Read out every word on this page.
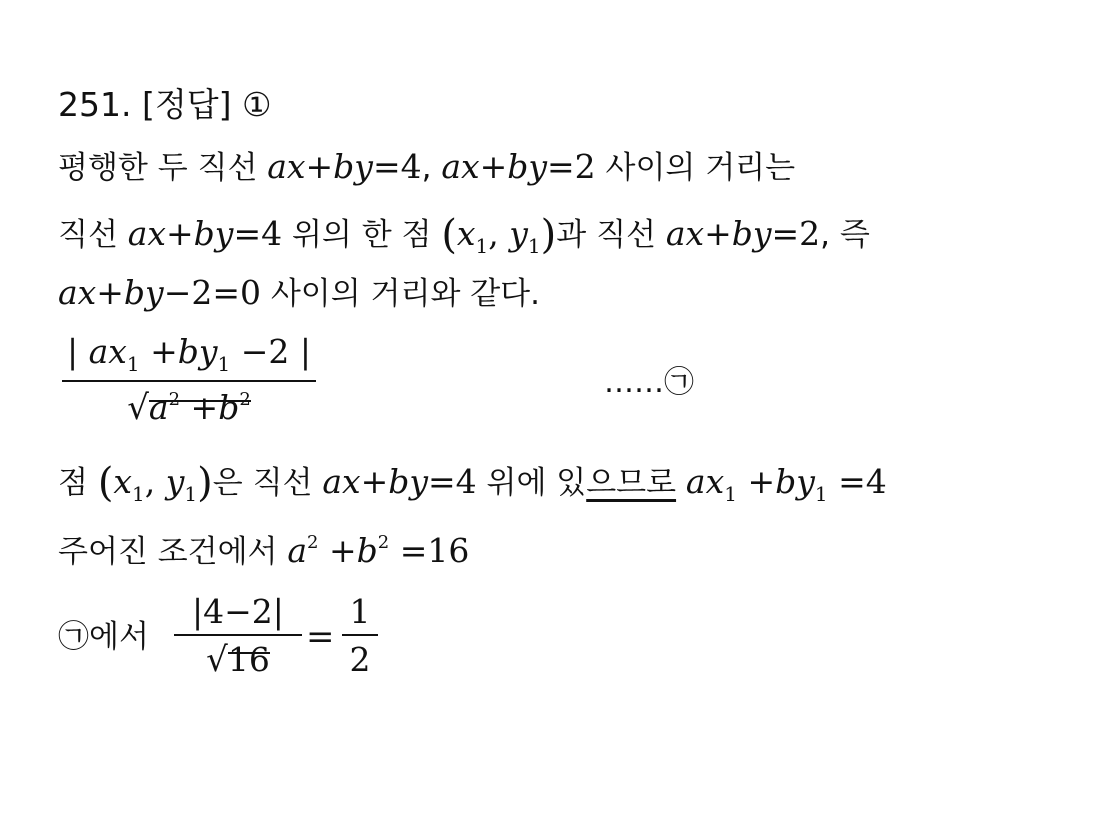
251. [정답] ①
평행한 두 직선 ax+by=4, ax+by=2 사이의 거리는
직선 ax+by=4 위의 한 점 ($x_1$, $y_1$)과 직선 ax+by=2, 즉
ax+by−2=0 사이의 거리와 같다.
| ax1 +by1 −2 |
√a2 +b2	……㉠
점 ($x_1$, $y_1$)은 직선 ax+by=4 위에 있으므로 $ax_1 +by_1 =4$
주어진 조건에서 $a^2 +b^2 =16$
㉠에서
|4−2|
√16
=
1
2
